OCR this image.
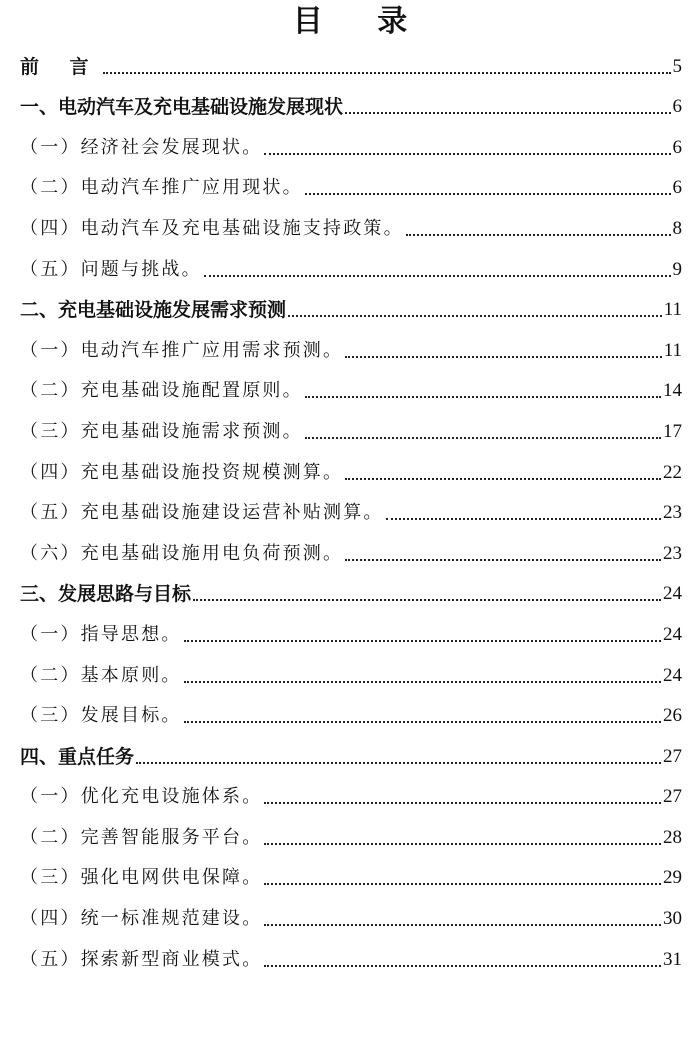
目 录
前 言	5
一、电动汽车及充电基础设施发展现状	6
（一）经济社会发展现状。	6
（二）电动汽车推广应用现状。	6
（四）电动汽车及充电基础设施支持政策。	8
（五）问题与挑战。	9
二、充电基础设施发展需求预测	11
（一）电动汽车推广应用需求预测。	11
（二）充电基础设施配置原则。	14
（三）充电基础设施需求预测。	17
（四）充电基础设施投资规模测算。	22
（五）充电基础设施建设运营补贴测算。	23
（六）充电基础设施用电负荷预测。	23
三、发展思路与目标	24
（一）指导思想。	24
（二）基本原则。	24
（三）发展目标。	26
四、重点任务	27
（一）优化充电设施体系。	27
（二）完善智能服务平台。	28
（三）强化电网供电保障。	29
（四）统一标准规范建设。	30
（五）探索新型商业模式。	31
